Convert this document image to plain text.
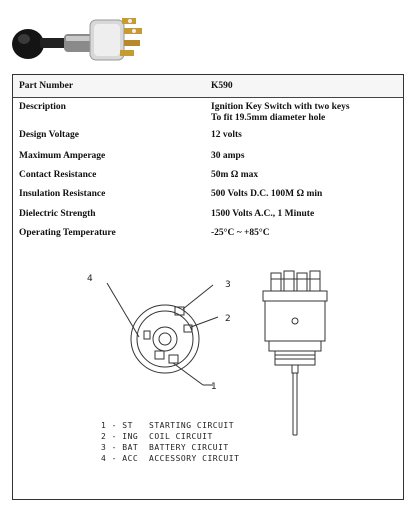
Part Number	K590
Description	Ignition Key Switch with two keys
To fit 19.5mm diameter hole
Design Voltage	12 volts
Maximum Amperage	30 amps
Contact Resistance	50m Ω max
Insulation Resistance	500 Volts D.C. 100M Ω min
Dielectric Strength	1500 Volts A.C., 1 Minute
Operating Temperature	-25°C ~ +85°C
4
3
2
1
1 - ST STARTING CIRCUIT
2 - ING COIL CIRCUIT
3 - BAT BATTERY CIRCUIT
4 - ACC ACCESSORY CIRCUIT
